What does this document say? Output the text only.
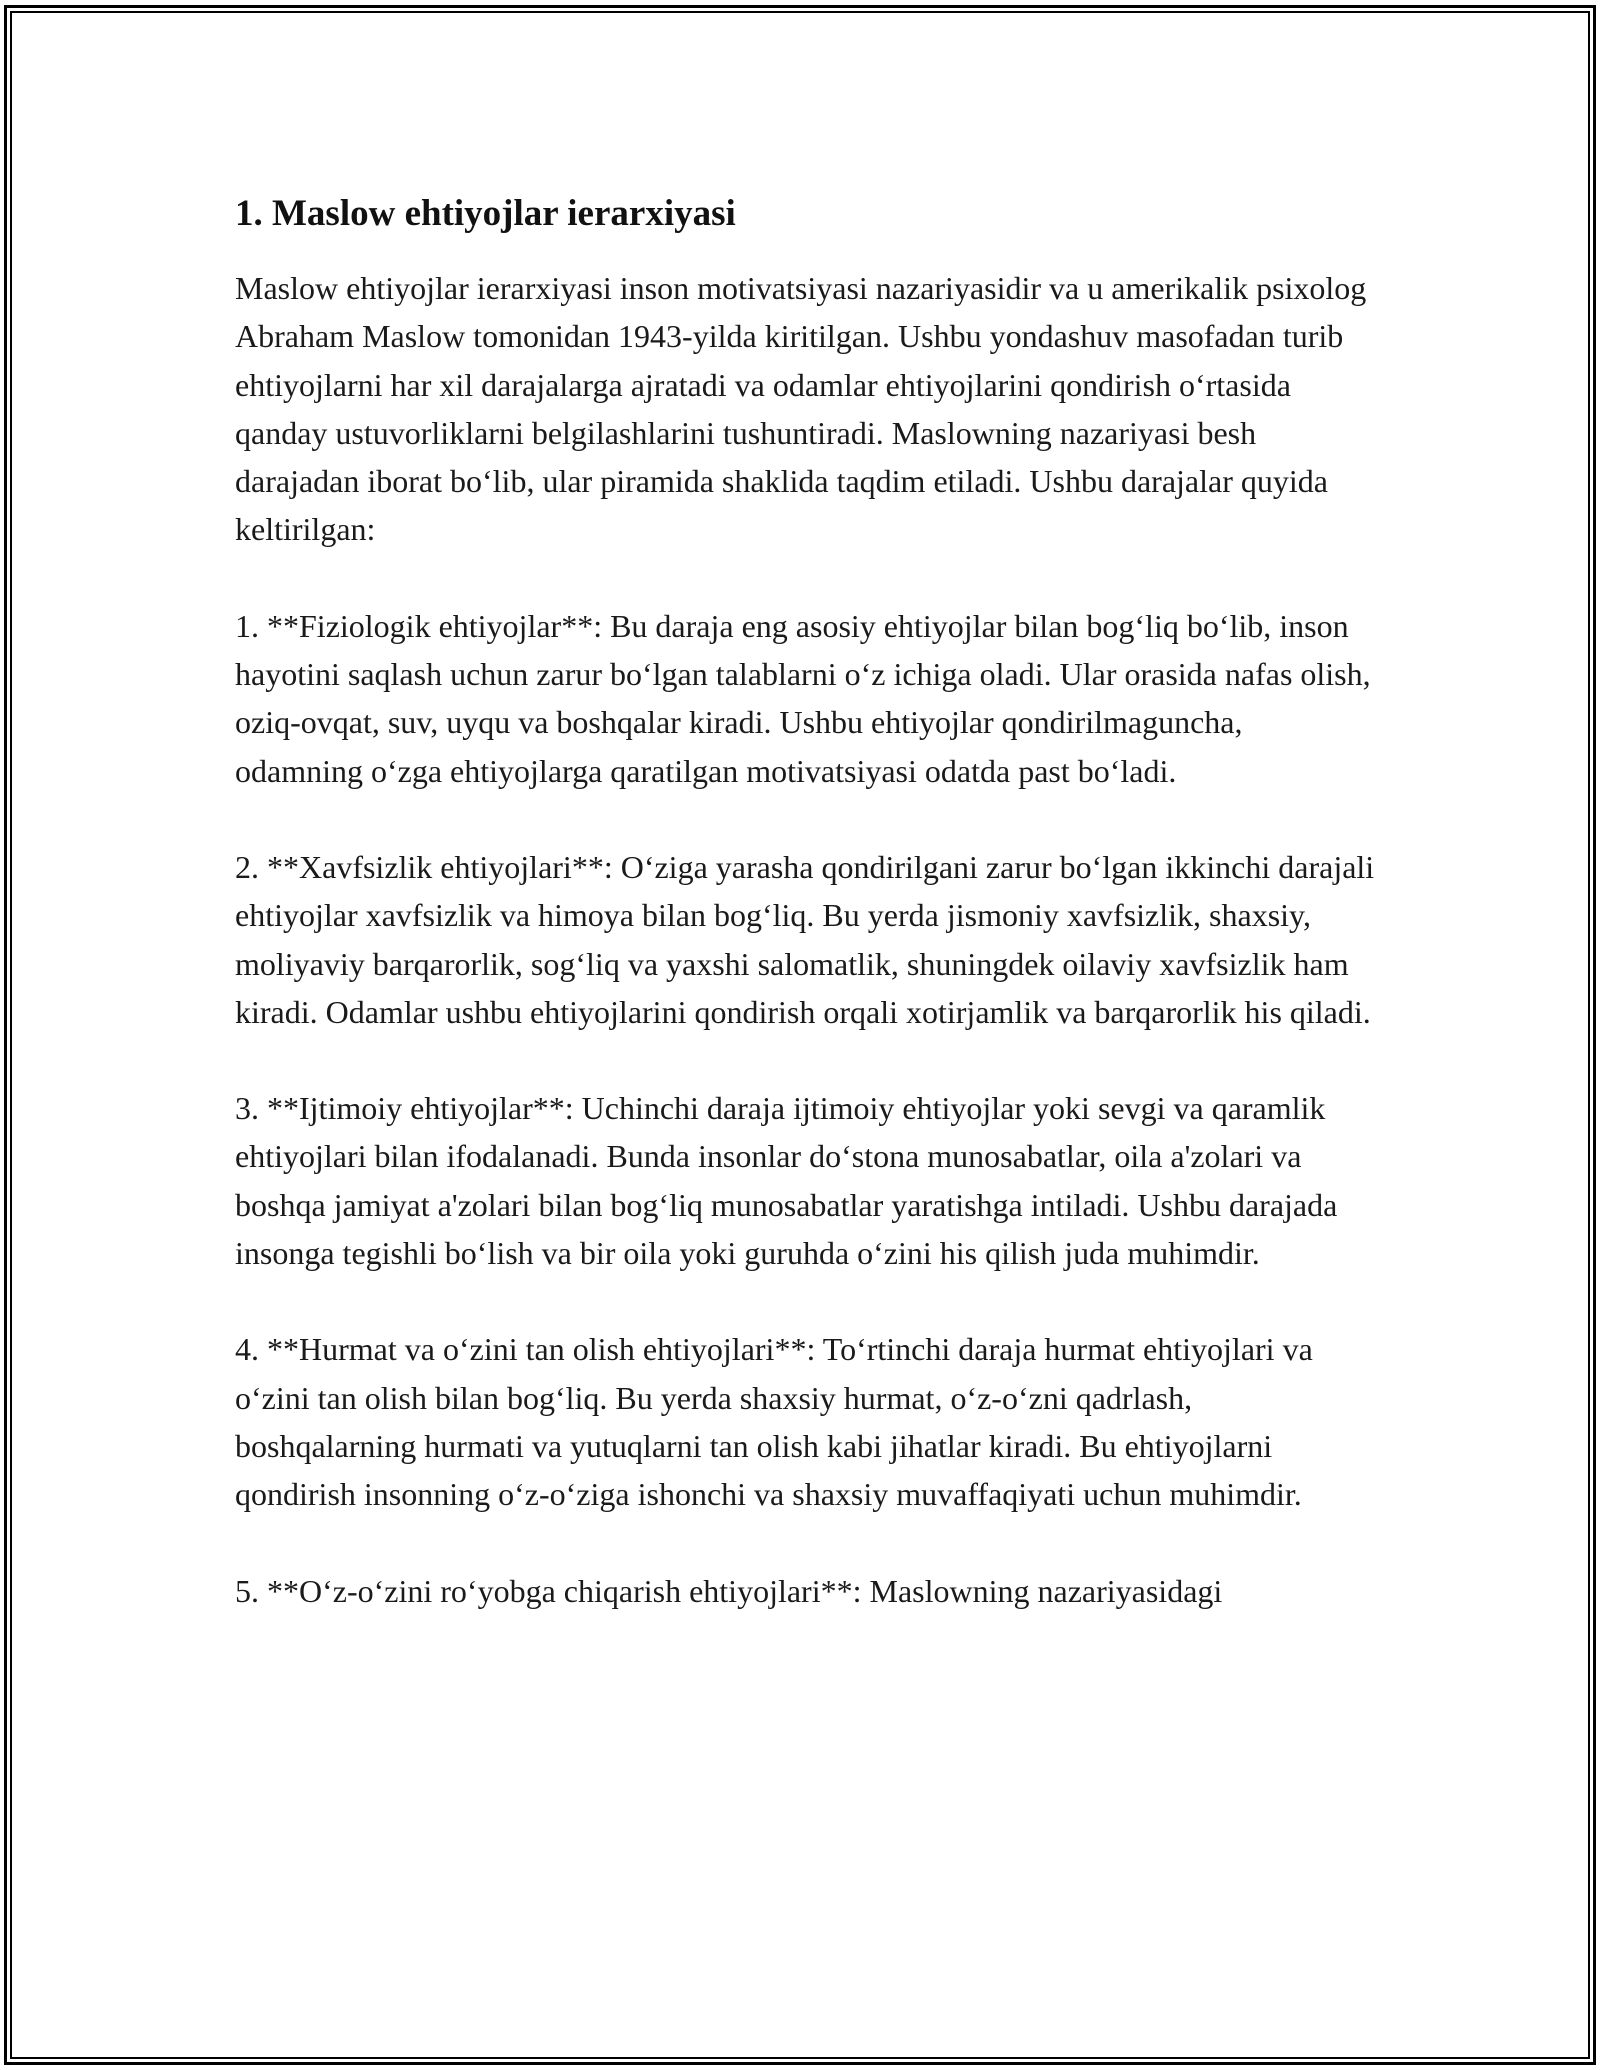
1. Maslow ehtiyojlar ierarxiyasi

Maslow ehtiyojlar ierarxiyasi inson motivatsiyasi nazariyasidir va u amerikalik psixolog Abraham Maslow tomonidan 1943-yilda kiritilgan. Ushbu yondashuv masofadan turib ehtiyojlarni har xil darajalarga ajratadi va odamlar ehtiyojlarini qondirish o‘rtasida qanday ustuvorliklarni belgilashlarini tushuntiradi. Maslowning nazariyasi besh darajadan iborat bo‘lib, ular piramida shaklida taqdim etiladi. Ushbu darajalar quyida keltirilgan:

1. **Fiziologik ehtiyojlar**: Bu daraja eng asosiy ehtiyojlar bilan bog‘liq bo‘lib, inson hayotini saqlash uchun zarur bo‘lgan talablarni o‘z ichiga oladi. Ular orasida nafas olish, oziq-ovqat, suv, uyqu va boshqalar kiradi. Ushbu ehtiyojlar qondirilmaguncha, odamning o‘zga ehtiyojlarga qaratilgan motivatsiyasi odatda past bo‘ladi.

2. **Xavfsizlik ehtiyojlari**: O‘ziga yarasha qondirilgani zarur bo‘lgan ikkinchi darajali ehtiyojlar xavfsizlik va himoya bilan bog‘liq. Bu yerda jismoniy xavfsizlik, shaxsiy, moliyaviy barqarorlik, sog‘liq va yaxshi salomatlik, shuningdek oilaviy xavfsizlik ham kiradi. Odamlar ushbu ehtiyojlarini qondirish orqali xotirjamlik va barqarorlik his qiladi.

3. **Ijtimoiy ehtiyojlar**: Uchinchi daraja ijtimoiy ehtiyojlar yoki sevgi va qaramlik ehtiyojlari bilan ifodalanadi. Bunda insonlar do‘stona munosabatlar, oila a'zolari va boshqa jamiyat a'zolari bilan bog‘liq munosabatlar yaratishga intiladi. Ushbu darajada insonga tegishli bo‘lish va bir oila yoki guruhda o‘zini his qilish juda muhimdir.

4. **Hurmat va o‘zini tan olish ehtiyojlari**: To‘rtinchi daraja hurmat ehtiyojlari va o‘zini tan olish bilan bog‘liq. Bu yerda shaxsiy hurmat, o‘z-o‘zni qadrlash, boshqalarning hurmati va yutuqlarni tan olish kabi jihatlar kiradi. Bu ehtiyojlarni qondirish insonning o‘z-o‘ziga ishonchi va shaxsiy muvaffaqiyati uchun muhimdir.

5. **O‘z-o‘zini ro‘yobga chiqarish ehtiyojlari**: Maslowning nazariyasidagi
